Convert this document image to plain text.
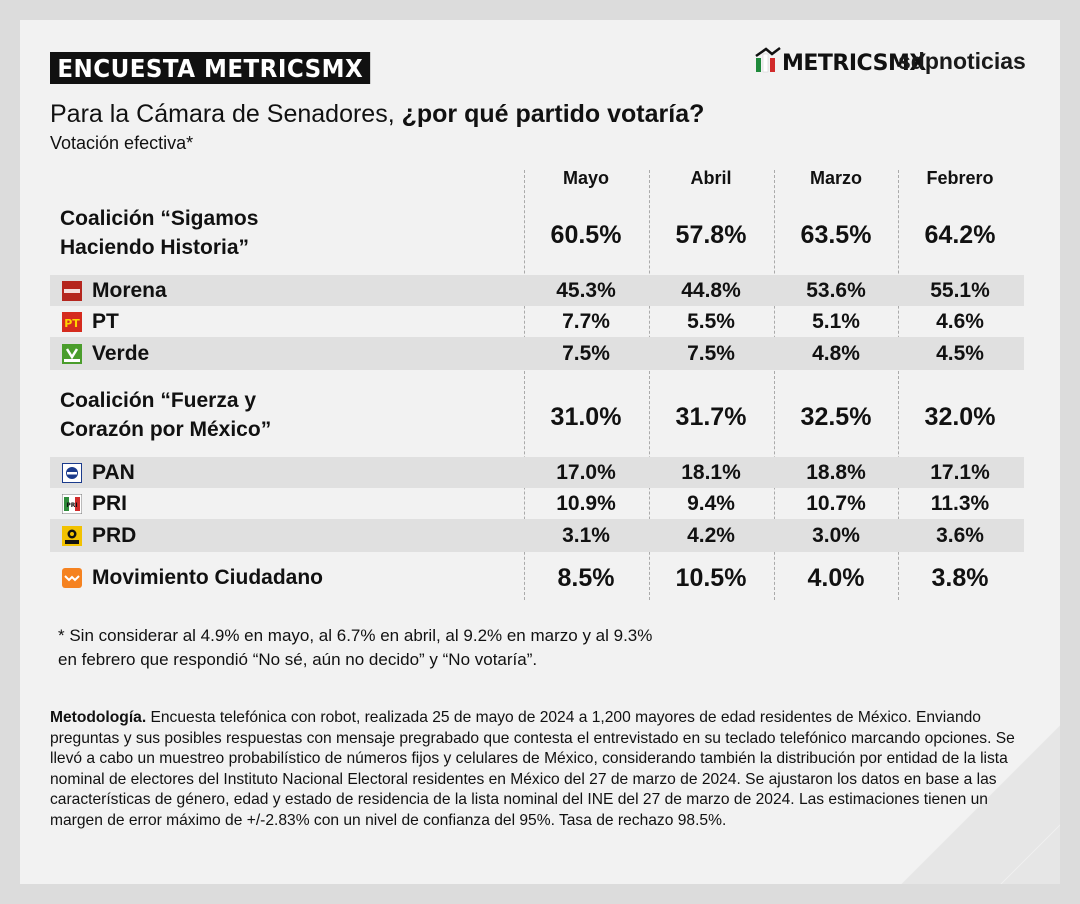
ENCUESTA METRICSMX	METRICSMX
sdpnoticias
Para la Cámara de Senadores, ¿por qué partido votaría?
Votación efectiva*
Mayo	Abril	Marzo	Febrero
Coalición “Sigamos
Haciendo Historia”	60.5%	57.8%	63.5%	64.2%
Morena	45.3%	44.8%	53.6%	55.1%
PT PT	7.7%	5.5%	5.1%	4.6%
Verde	7.5%	7.5%	4.8%	4.5%
Coalición “Fuerza y
Corazón por México”	31.0%	31.7%	32.5%	32.0%
PAN	17.0%	18.1%	18.8%	17.1%
PRI PRI	10.9%	9.4%	10.7%	11.3%
PRD	3.1%	4.2%	3.0%	3.6%
Movimiento Ciudadano	8.5%	10.5%	4.0%	3.8%
* Sin considerar al 4.9% en mayo, al 6.7% en abril, al 9.2% en marzo y al 9.3%
en febrero que respondió “No sé, aún no decido” y “No votaría”.
Metodología. Encuesta telefónica con robot, realizada 25 de mayo de 2024 a 1,200 mayores de edad residentes de México. Enviando preguntas y sus posibles respuestas con mensaje pregrabado que contesta el entrevistado en su teclado telefónico marcando opciones. Se llevó a cabo un muestreo probabilístico de números fijos y celulares de México, considerando también la distribución por entidad de la lista nominal de electores del Instituto Nacional Electoral residentes en México del 27 de marzo de 2024. Se ajustaron los datos en base a las características de género, edad y estado de residencia de la lista nominal del INE del 27 de marzo de 2024. Las estimaciones tienen un margen de error máximo de +/-2.83% con un nivel de confianza del 95%. Tasa de rechazo 98.5%.
